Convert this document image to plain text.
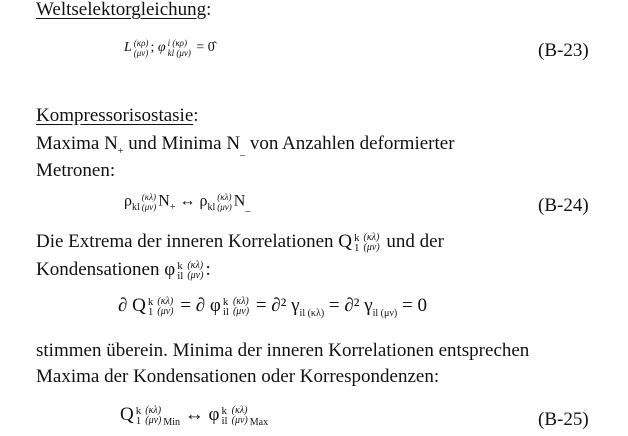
Weltselektorgleichung:
L (κρ)
(μν) ; φ i (κρ)
kl (μν) = 0̂	(B-23)
Kompressorisostasie:
Maxima $N_+$ und Minima $N_{\_}$ von Anzahlen deformierter
Metronen:
$\rho_{kl}$
(κλ)
(μν) $N_+$ ↔ $\rho_{kl}$
(κλ)
(μν) $N_{\_}$	(B-24)
Die Extrema der inneren Korrelationen Q k
1
(κλ)
(μν) und der
Kondensationen φ k
il
(κλ)
(μν) :
∂ Q k
1
(κλ)
(μν) = ∂ φ k
il
(κλ)
(μν) = ∂² $\gamma_{il (\kappa\lambda)} = \partial^2$ $\gamma_{il (\mu\nu)} = 0$
stimmen überein. Minima der inneren Korrelationen entsprechen
Maxima der Kondensationen oder Korrespondenzen:
Q k
1
(κλ)
(μν) $_{Min}$ ↔ φ k
il
(κλ)
(μν) $_{Max}$	(B-25)
